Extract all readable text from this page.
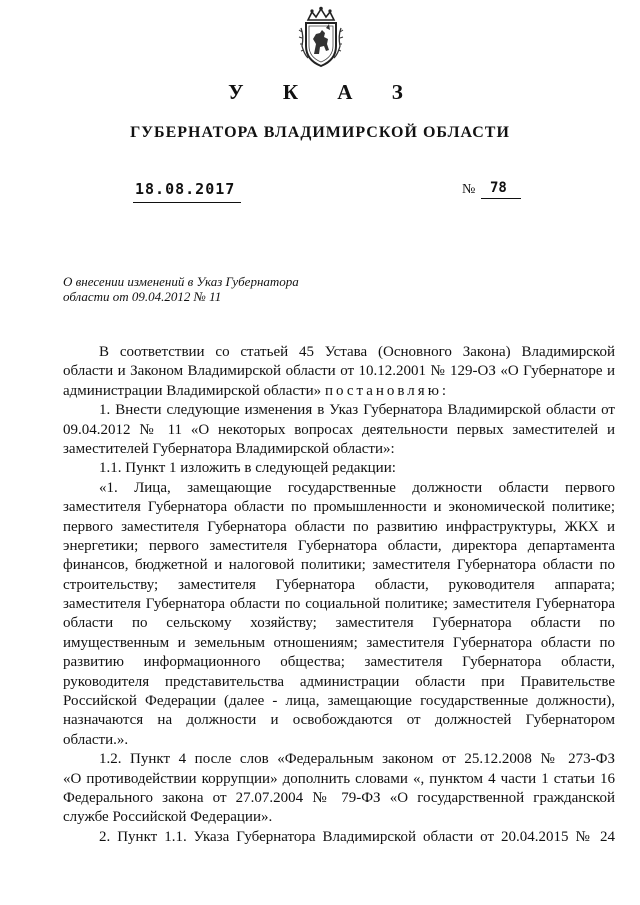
У К А З
ГУБЕРНАТОРА ВЛАДИМИРСКОЙ ОБЛАСТИ
18.08.2017	№ 78
О внесении изменений в Указ Губернатора
области от 09.04.2012 № 11
В соответствии со статьей 45 Устава (Основного Закона) Владимирской
области и Законом Владимирской области от 10.12.2001 № 129-ОЗ «О Губернаторе и
администрации Владимирской области» постановляю:
1. Внести следующие изменения в Указ Губернатора Владимирской области от
09.04.2012 № 11 «О некоторых вопросах деятельности первых заместителей и
заместителей Губернатора Владимирской области»:
1.1. Пункт 1 изложить в следующей редакции:
«1. Лица, замещающие государственные должности области первого
заместителя Губернатора области по промышленности и экономической политике;
первого заместителя Губернатора области по развитию инфраструктуры, ЖКХ и
энергетики; первого заместителя Губернатора области, директора департамента
финансов, бюджетной и налоговой политики; заместителя Губернатора области по
строительству; заместителя Губернатора области, руководителя аппарата;
заместителя Губернатора области по социальной политике; заместителя Губернатора
области по сельскому хозяйству; заместителя Губернатора области по
имущественным и земельным отношениям; заместителя Губернатора области по
развитию информационного общества; заместителя Губернатора области,
руководителя представительства администрации области при Правительстве
Российской Федерации (далее - лица, замещающие государственные должности),
назначаются на должности и освобождаются от должностей Губернатором
области.».
1.2. Пункт 4 после слов «Федеральным законом от 25.12.2008 № 273-ФЗ
«О противодействии коррупции» дополнить словами «, пунктом 4 части 1 статьи 16
Федерального закона от 27.07.2004 № 79-ФЗ «О государственной гражданской
службе Российской Федерации».
2. Пункт 1.1. Указа Губернатора Владимирской области от 20.04.2015 № 24
